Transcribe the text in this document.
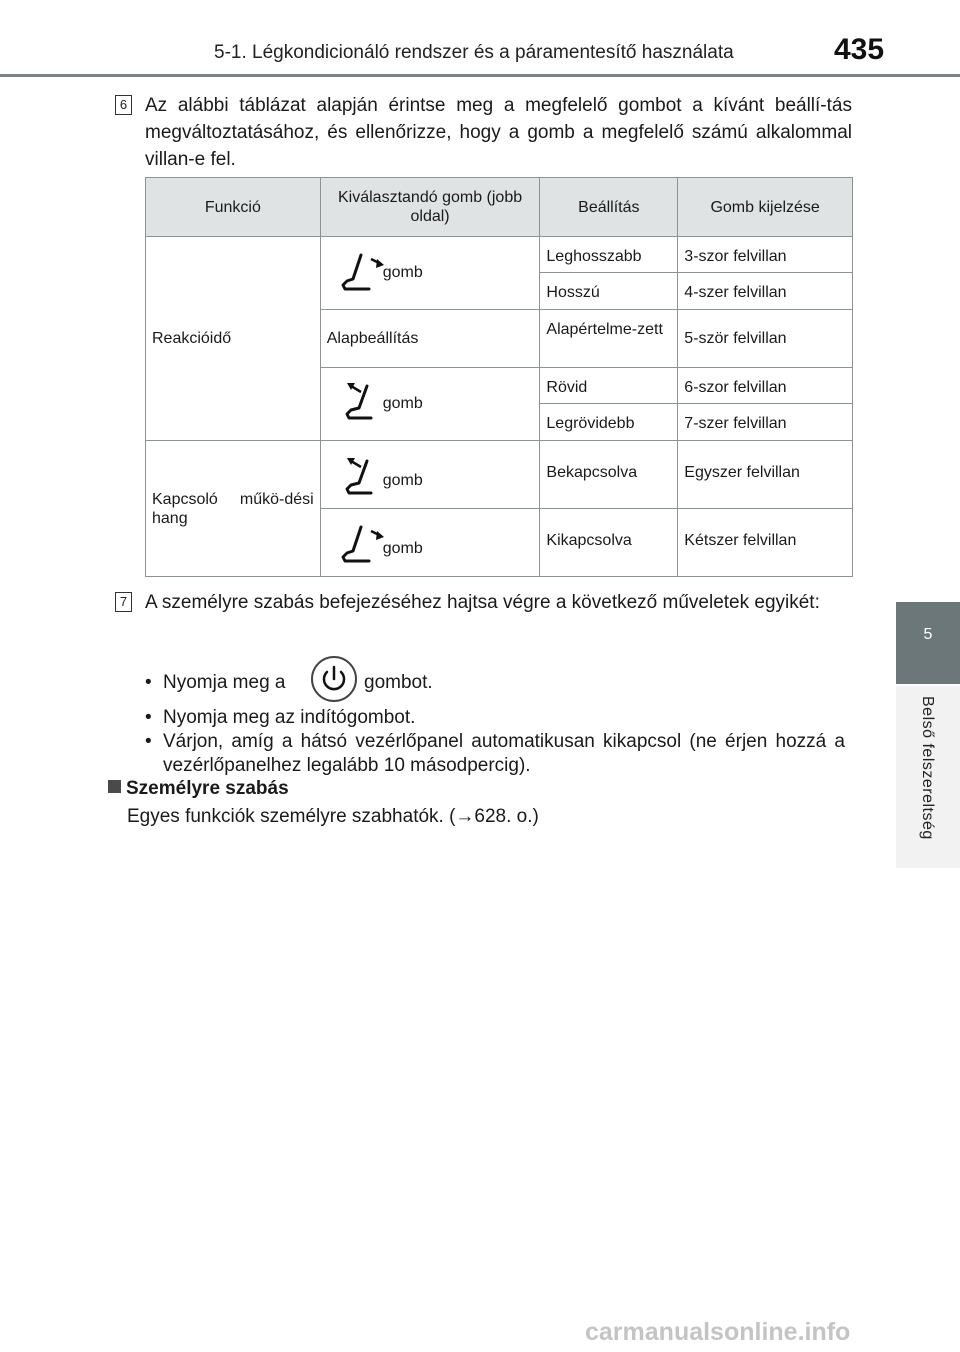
5-1. Légkondicionáló rendszer és a páramentesítő használata	435
5
Belső felszereltség
6 Az alábbi táblázat alapján érintse meg a megfelelő gombot a kívánt beállí-tás megváltoztatásához, és ellenőrizze, hogy a gomb a megfelelő számú alkalommal villan-e fel.
Funkció	Kiválasztandó gomb (jobb oldal)	Beállítás	Gomb kijelzése
Reakcióidő	gomb	Leghosszabb	3-szor felvillan
		Hosszú	4-szer felvillan
	Alapbeállítás	Alapértelme-zett	5-ször felvillan

	gomb	Rövid	6-szor felvillan
		Legrövidebb	7-szer felvillan
Kapcsoló műkö-dési hang	gomb	Bekapcsolva	Egyszer felvillan

	gomb	Kikapcsolva	Kétszer felvillan
7 A személyre szabás befejezéséhez hajtsa végre a következő műveletek egyikét:
• Nyomja meg a	gombot.
• Nyomja meg az indítógombot.
• Várjon, amíg a hátsó vezérlőpanel automatikusan kikapcsol (ne érjen hozzá a vezérlőpanelhez legalább 10 másodpercig).
Személyre szabás
Egyes funkciók személyre szabhatók. (→628. o.)
carmanualsonline.info
